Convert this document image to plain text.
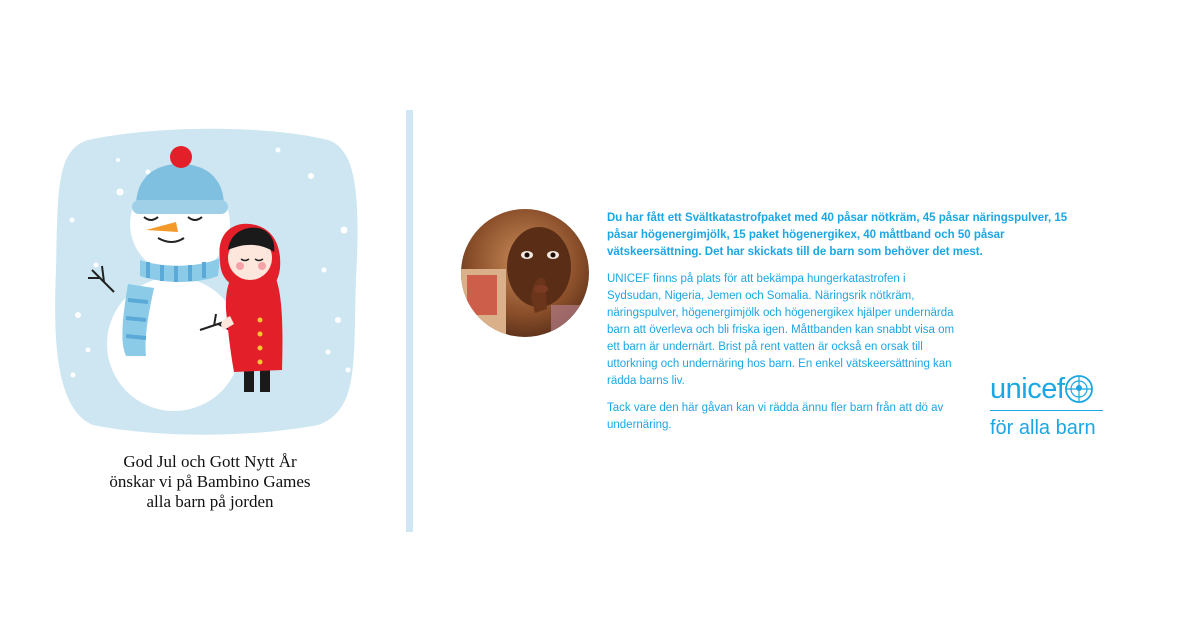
God Jul och Gott Nytt År
önskar vi på Bambino Games
alla barn på jorden

Du har fått ett Svältkatastrofpaket med 40 påsar nötkräm, 45 påsar näringspulver, 15 påsar högenergimjölk, 15 paket högenergikex, 40 måttband och 50 påsar vätskeersättning. Det har skickats till de barn som behöver det mest.

UNICEF finns på plats för att bekämpa hungerkatastrofen i Sydsudan, Nigeria, Jemen och Somalia. Näringsrik nötkräm, näringspulver, högenergimjölk och högenergikex hjälper undernärda barn att överleva och bli friska igen. Måttbanden kan snabbt visa om ett barn är undernärt. Brist på rent vatten är också en orsak till uttorkning och undernäring hos barn. En enkel vätskeersättning kan rädda barns liv.

Tack vare den här gåvan kan vi rädda ännu fler barn från att dö av undernäring.

unicef
för alla barn
